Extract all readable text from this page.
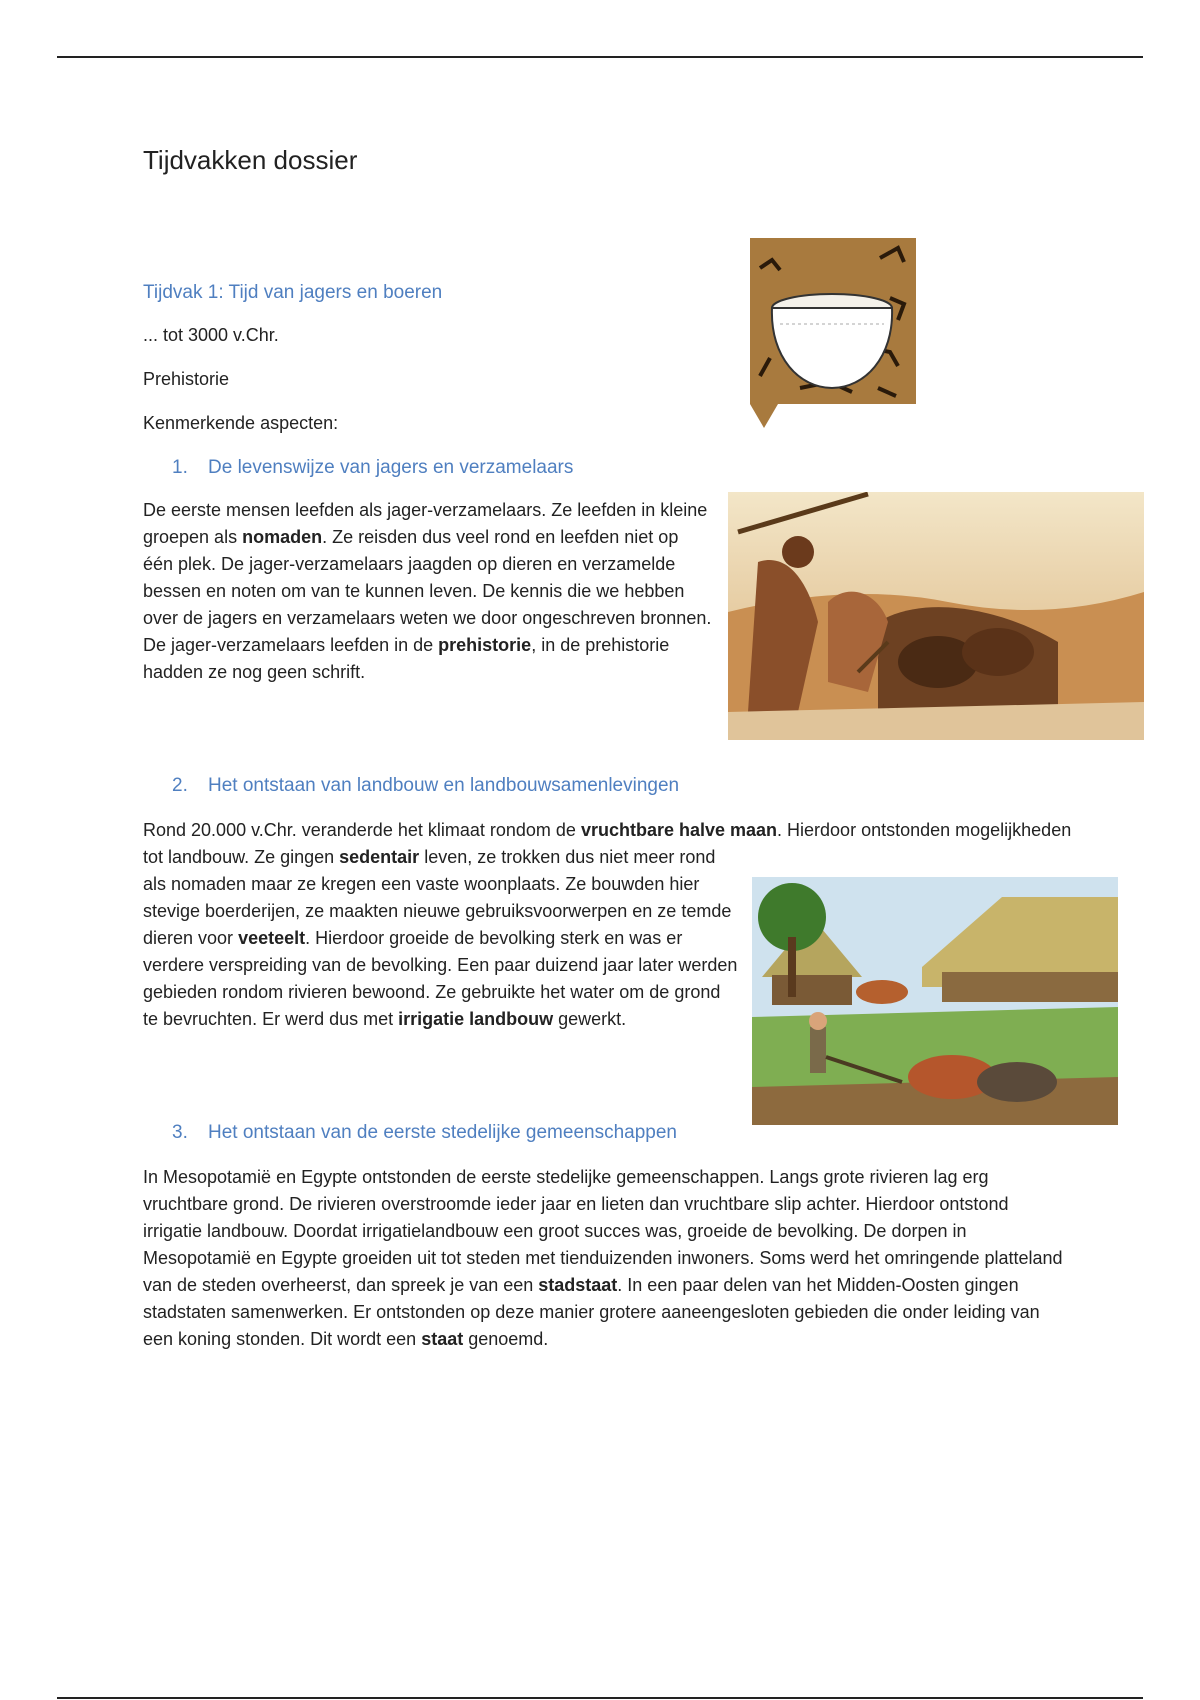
Tijdvakken dossier
Tijdvak 1: Tijd van jagers en boeren

... tot 3000 v.Chr.

Prehistorie

Kenmerkende aspecten:

1. De levenswijze van jagers en verzamelaars

De eerste mensen leefden als jager-verzamelaars. Ze leefden in kleine groepen als nomaden. Ze reisden dus veel rond en leefden niet op één plek. De jager-verzamelaars jaagden op dieren en verzamelde bessen en noten om van te kunnen leven. De kennis die we hebben over de jagers en verzamelaars weten we door ongeschreven bronnen. De jager-verzamelaars leefden in de prehistorie, in de prehistorie hadden ze nog geen schrift.

2. Het ontstaan van landbouw en landbouwsamenlevingen

Rond 20.000 v.Chr. veranderde het klimaat rondom de vruchtbare halve maan. Hierdoor ontstonden mogelijkheden tot landbouw. Ze gingen sedentair leven, ze trokken dus niet meer rond

als nomaden maar ze kregen een vaste woonplaats. Ze bouwden hier stevige boerderijen, ze maakten nieuwe gebruiksvoorwerpen en ze temde dieren voor veeteelt. Hierdoor groeide de bevolking sterk en was er verdere verspreiding van de bevolking. Een paar duizend jaar later werden gebieden rondom rivieren bewoond. Ze gebruikte het water om de grond te bevruchten. Er werd dus met irrigatie landbouw gewerkt.

3. Het ontstaan van de eerste stedelijke gemeenschappen

In Mesopotamië en Egypte ontstonden de eerste stedelijke gemeenschappen. Langs grote rivieren lag erg vruchtbare grond. De rivieren overstroomde ieder jaar en lieten dan vruchtbare slip achter. Hierdoor ontstond irrigatie landbouw. Doordat irrigatielandbouw een groot succes was, groeide de bevolking. De dorpen in Mesopotamië en Egypte groeiden uit tot steden met tienduizenden inwoners. Soms werd het omringende platteland van de steden overheerst, dan spreek je van een stadstaat. In een paar delen van het Midden-Oosten gingen stadstaten samenwerken. Er ontstonden op deze manier grotere aaneengesloten gebieden die onder leiding van een koning stonden. Dit wordt een staat genoemd.
